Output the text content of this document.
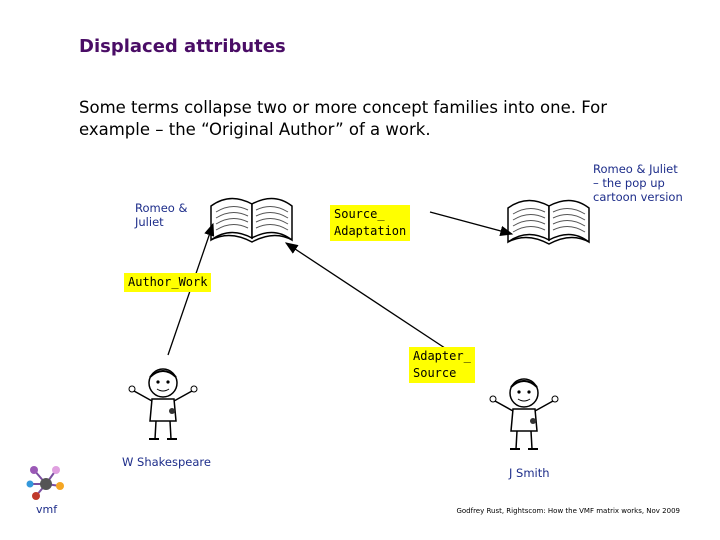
Displaced attributes
Some terms collapse two or more concept families into one. For example – the “Original Author” of a work.
Romeo & Juliet
Romeo & Juliet – the pop up cartoon version
W Shakespeare
J Smith
Source_
Adaptation
Author_Work
Adapter_
Source
vmf	Godfrey Rust, Rightscom: How the VMF matrix works, Nov 2009
